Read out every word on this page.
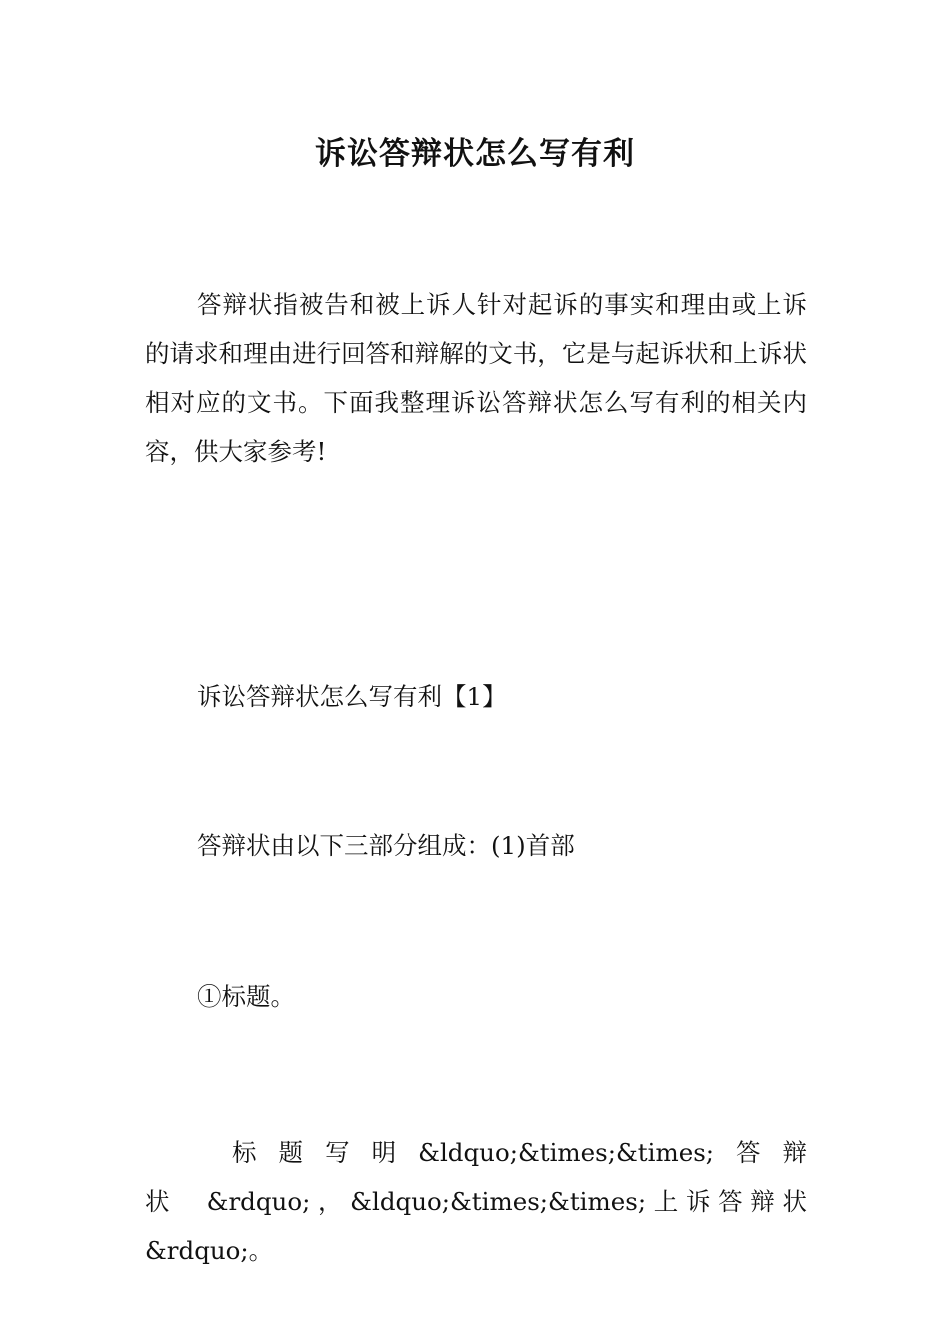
诉讼答辩状怎么写有利

答辩状指被告和被上诉人针对起诉的事实和理由或上诉的请求和理由进行回答和辩解的文书，它是与起诉状和上诉状相对应的文书。下面我整理诉讼答辩状怎么写有利的相关内容，供大家参考!

诉讼答辩状怎么写有利【1】

答辩状由以下三部分组成：(1)首部

①标题。

标 题 写 明 &ldquo;&times;&times; 答 辩 状 &rdquo;，&ldquo;&times;&times;上诉答辩状&rdquo;。
